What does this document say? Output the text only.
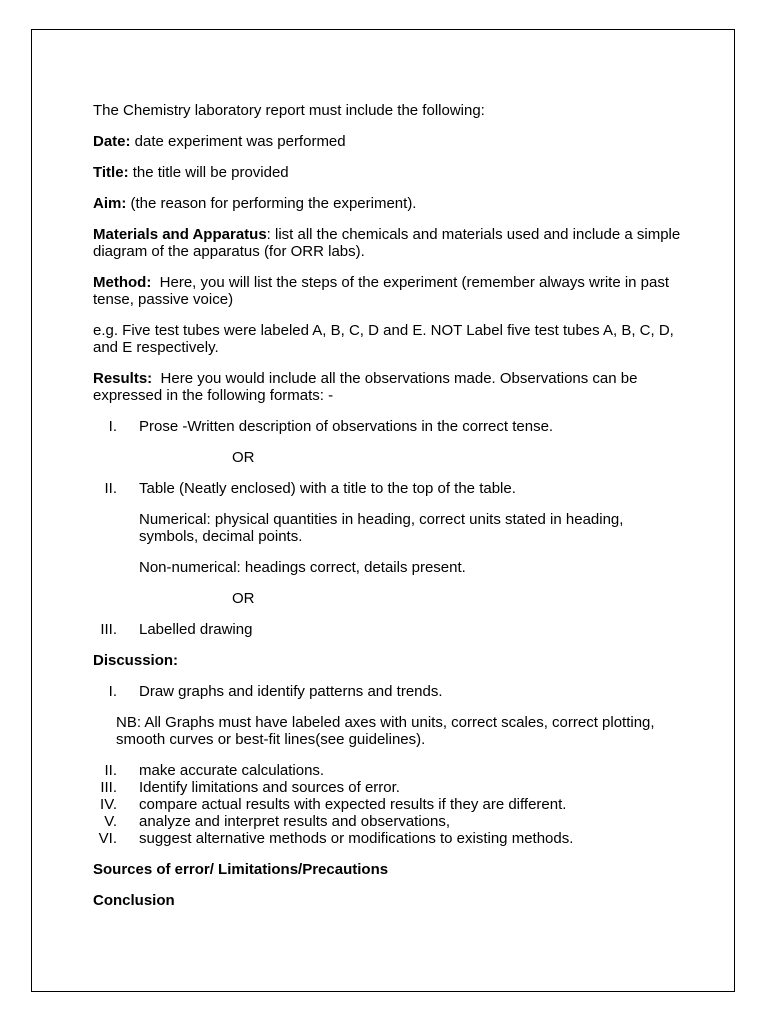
The Chemistry laboratory report must include the following:

Date: date experiment was performed

Title: the title will be provided

Aim: (the reason for performing the experiment).

Materials and Apparatus: list all the chemicals and materials used and include a simple diagram of the apparatus (for ORR labs).

Method:  Here, you will list the steps of the experiment (remember always write in past tense, passive voice)

e.g. Five test tubes were labeled A, B, C, D and E. NOT Label five test tubes A, B, C, D, and E respectively.

Results:  Here you would include all the observations made. Observations can be expressed in the following formats: -

I. Prose -Written description of observations in the correct tense.
OR
II. Table (Neatly enclosed) with a title to the top of the table.
Numerical: physical quantities in heading, correct units stated in heading, symbols, decimal points.
Non-numerical: headings correct, details present.
OR
III. Labelled drawing

Discussion:

I. Draw graphs and identify patterns and trends.
NB: All Graphs must have labeled axes with units, correct scales, correct plotting, smooth curves or best-fit lines(see guidelines).
II. make accurate calculations.
III. Identify limitations and sources of error.
IV. compare actual results with expected results if they are different.
V. analyze and interpret results and observations,
VI. suggest alternative methods or modifications to existing methods.

Sources of error/ Limitations/Precautions

Conclusion
